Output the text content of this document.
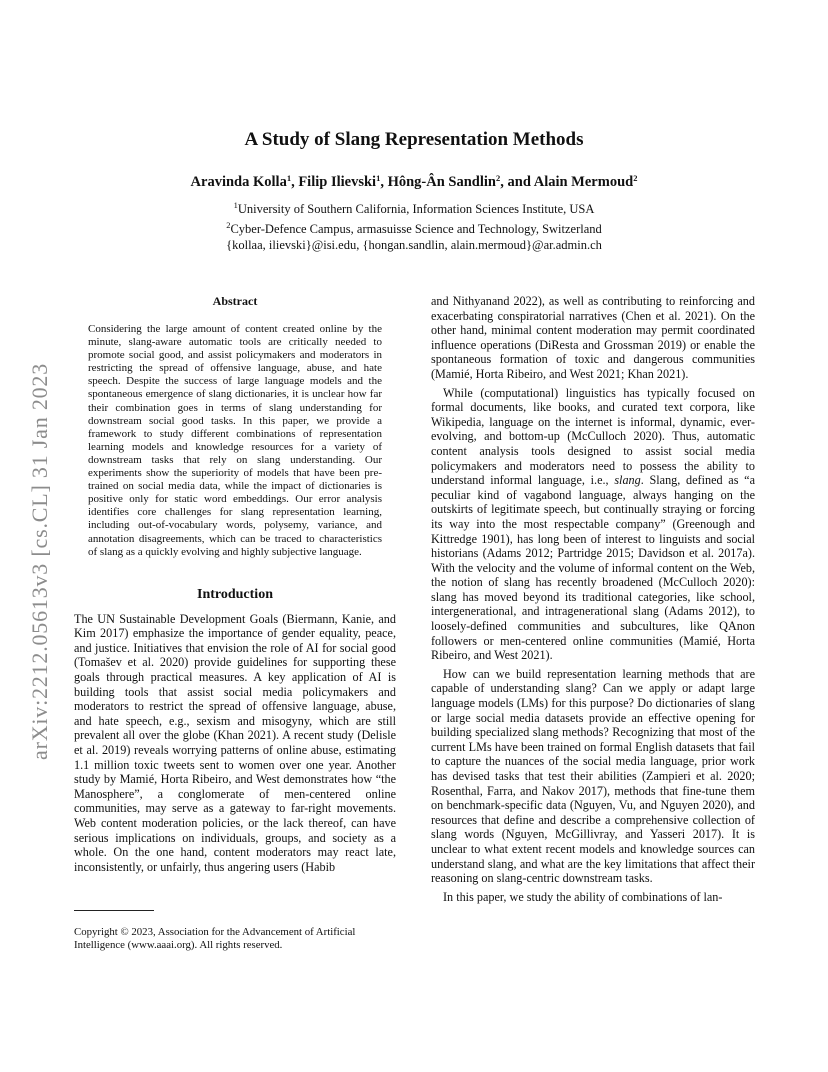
arXiv:2212.05613v3 [cs.CL] 31 Jan 2023
A Study of Slang Representation Methods
Aravinda Kolla$^1$, Filip Ilievski$^1$, Hông-Ân Sandlin$^2$, and Alain Mermoud$^2$
$^1$University of Southern California, Information Sciences Institute, USA
$^2$Cyber-Defence Campus, armasuisse Science and Technology, Switzerland
{kollaa, ilievski}@isi.edu, {hongan.sandlin, alain.mermoud}@ar.admin.ch
Abstract

Considering the large amount of content created online by the minute, slang-aware automatic tools are critically needed to promote social good, and assist policymakers and moderators in restricting the spread of offensive language, abuse, and hate speech. Despite the success of large language models and the spontaneous emergence of slang dictionaries, it is unclear how far their combination goes in terms of slang understanding for downstream social good tasks. In this paper, we provide a framework to study different combinations of representation learning models and knowledge resources for a variety of downstream tasks that rely on slang understanding. Our experiments show the superiority of models that have been pre-trained on social media data, while the impact of dictionaries is positive only for static word embeddings. Our error analysis identifies core challenges for slang representation learning, including out-of-vocabulary words, polysemy, variance, and annotation disagreements, which can be traced to characteristics of slang as a quickly evolving and highly subjective language.

Introduction

The UN Sustainable Development Goals (Biermann, Kanie, and Kim 2017) emphasize the importance of gender equality, peace, and justice. Initiatives that envision the role of AI for social good (Tomašev et al. 2020) provide guidelines for supporting these goals through practical measures. A key application of AI is building tools that assist social media policymakers and moderators to restrict the spread of offensive language, abuse, and hate speech, e.g., sexism and misogyny, which are still prevalent all over the globe (Khan 2021). A recent study (Delisle et al. 2019) reveals worrying patterns of online abuse, estimating 1.1 million toxic tweets sent to women over one year. Another study by Mamié, Horta Ribeiro, and West demonstrates how “the Manosphere”, a conglomerate of men-centered online communities, may serve as a gateway to far-right movements. Web content moderation policies, or the lack thereof, can have serious implications on individuals, groups, and society as a whole. On the one hand, content moderators may react late, inconsistently, or unfairly, thus angering users (Habib

Copyright © 2023, Association for the Advancement of Artificial Intelligence (www.aaai.org). All rights reserved.

and Nithyanand 2022), as well as contributing to reinforcing and exacerbating conspiratorial narratives (Chen et al. 2021). On the other hand, minimal content moderation may permit coordinated influence operations (DiResta and Grossman 2019) or enable the spontaneous formation of toxic and dangerous communities (Mamié, Horta Ribeiro, and West 2021; Khan 2021).

While (computational) linguistics has typically focused on formal documents, like books, and curated text corpora, like Wikipedia, language on the internet is informal, dynamic, ever-evolving, and bottom-up (McCulloch 2020). Thus, automatic content analysis tools designed to assist social media policymakers and moderators need to possess the ability to understand informal language, i.e., slang. Slang, defined as “a peculiar kind of vagabond language, always hanging on the outskirts of legitimate speech, but continually straying or forcing its way into the most respectable company” (Greenough and Kittredge 1901), has long been of interest to linguists and social historians (Adams 2012; Partridge 2015; Davidson et al. 2017a). With the velocity and the volume of informal content on the Web, the notion of slang has recently broadened (McCulloch 2020): slang has moved beyond its traditional categories, like school, intergenerational, and intragenerational slang (Adams 2012), to loosely-defined communities and subcultures, like QAnon followers or men-centered online communities (Mamié, Horta Ribeiro, and West 2021).

How can we build representation learning methods that are capable of understanding slang? Can we apply or adapt large language models (LMs) for this purpose? Do dictionaries of slang or large social media datasets provide an effective opening for building specialized slang methods? Recognizing that most of the current LMs have been trained on formal English datasets that fail to capture the nuances of the social media language, prior work has devised tasks that test their abilities (Zampieri et al. 2020; Rosenthal, Farra, and Nakov 2017), methods that fine-tune them on benchmark-specific data (Nguyen, Vu, and Nguyen 2020), and resources that define and describe a comprehensive collection of slang words (Nguyen, McGillivray, and Yasseri 2017). It is unclear to what extent recent models and knowledge sources can understand slang, and what are the key limitations that affect their reasoning on slang-centric downstream tasks.

In this paper, we study the ability of combinations of lan-
